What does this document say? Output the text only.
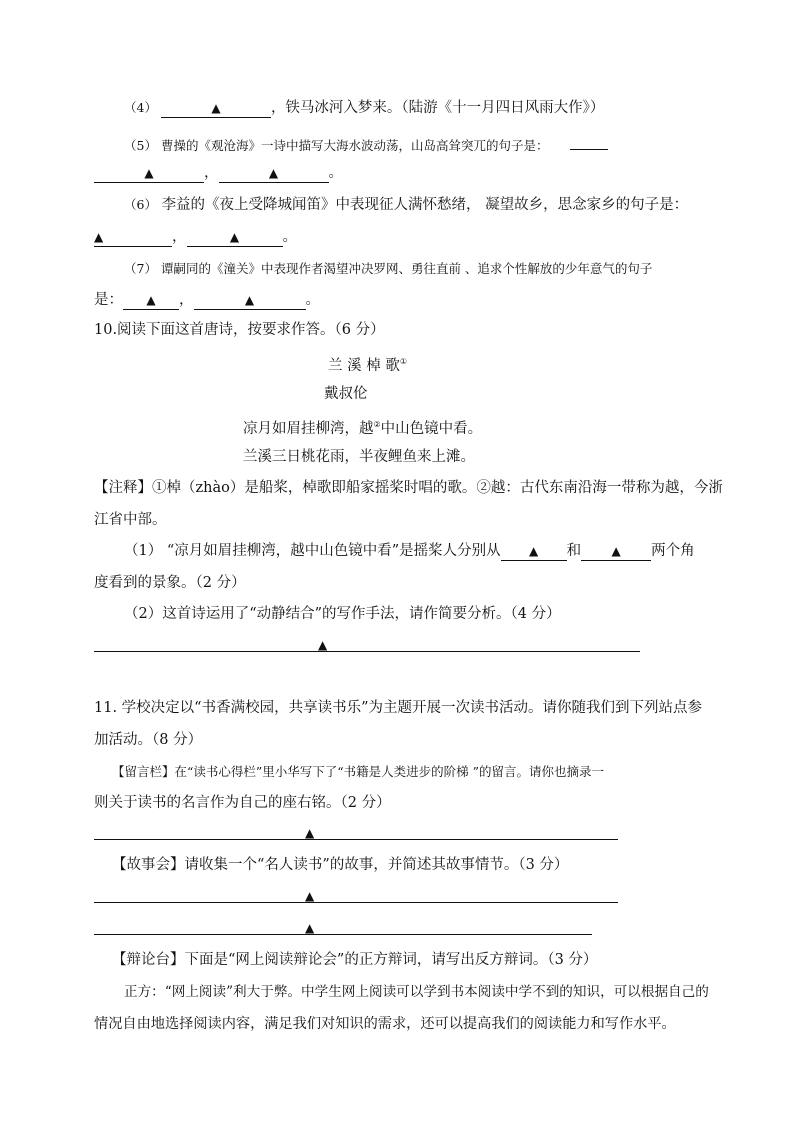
（4）	▲	，铁马冰河入梦来。（陆游《十一月四日风雨大作》）
（5） 曹操的《观沧海》一诗中描写大海水波动荡，山岛高耸突兀的句子是：
▲	，	▲	。
（6） 李益的《夜上受降城闻笛》中表现征人满怀愁绪， 凝望故乡，思念家乡的句子是：
▲	，	▲	。
（7） 谭嗣同的《潼关》中表现作者渴望冲决罗网、勇往直前 、追求个性解放的少年意气的句子
是： ▲ ，	▲	。
10.阅读下面这首唐诗，按要求作答。（6 分）
兰 溪 棹 歌①
戴叔伦
凉月如眉挂柳湾，越②中山色镜中看。
兰溪三日桃花雨，半夜鲤鱼来上滩。
【注释】①棹（zhào）是船桨，棹歌即船家摇桨时唱的歌。②越：古代东南沿海一带称为越，今浙
江省中部。
（1） “凉月如眉挂柳湾，越中山色镜中看”是摇桨人分别从 ▲ 和	▲ 两个角
度看到的景象。（2 分）
（2）这首诗运用了“动静结合”的写作手法，请作简要分析。（4 分）
▲
11. 学校决定以“书香满校园，共享读书乐”为主题开展一次读书活动。请你随我们到下列站点参
加活动。（8 分）
【留言栏】在“读书心得栏”里小华写下了“书籍是人类进步的阶梯 ”的留言。请你也摘录一
则关于读书的名言作为自己的座右铭。（2 分）
▲
【故事会】请收集一个“名人读书”的故事，并简述其故事情节。（3 分）
▲
▲
【辩论台】下面是“网上阅读辩论会”的正方辩词，请写出反方辩词。（3 分）
正方：“网上阅读”利大于弊。中学生网上阅读可以学到书本阅读中学不到的知识，可以根据自己的
情况自由地选择阅读内容，满足我们对知识的需求，还可以提高我们的阅读能力和写作水平。
